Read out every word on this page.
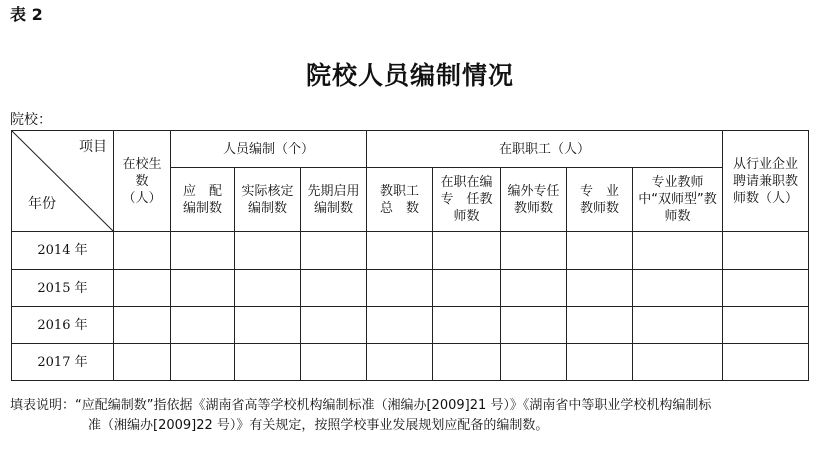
表 2
院校人员编制情况
院校：
项目
年份	在校生数（人）	人员编制（个）			在职职工（人）					从行业企业聘请兼职教师数（人）
		应　配编制数	实际核定编制数	先期启用编制数	教职工总　数	在职在编专　任教师数	编外专任教师数	专　业教师数	专业教师中“双师型”教师数	
2014 年										
2015 年										
2016 年										
2017 年										
填表说明：“应配编制数”指依据《湖南省高等学校机构编制标准（湘编办[2009]21 号）》《湖南省中等职业学校机构编制标
准（湘编办[2009]22 号）》有关规定，按照学校事业发展规划应配备的编制数。
